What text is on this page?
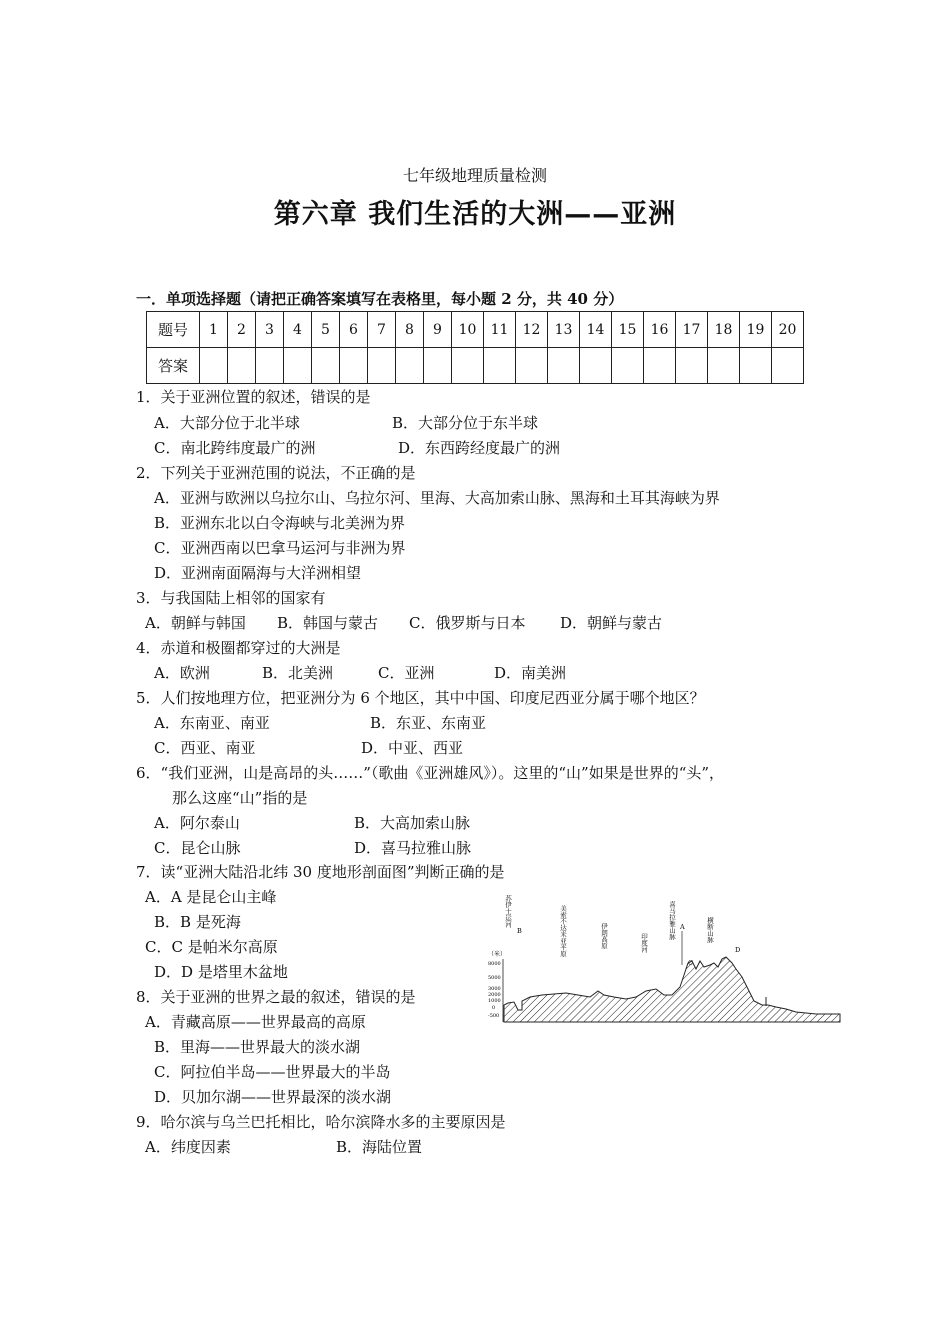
七年级地理质量检测
第六章 我们生活的大洲——亚洲
一．单项选择题（请把正确答案填写在表格里，每小题 2 分，共 40 分）
题号	1	2	3	4	5	6	7	8	9	10	11	12	13	14	15	16	17	18	19	20
答案																				
1．关于亚洲位置的叙述，错误的是
A．大部分位于北半球	B．大部分位于东半球
C．南北跨纬度最广的洲	D．东西跨经度最广的洲
2．下列关于亚洲范围的说法，不正确的是
A．亚洲与欧洲以乌拉尔山、乌拉尔河、里海、大高加索山脉、黑海和土耳其海峡为界
B．亚洲东北以白令海峡与北美洲为界
C．亚洲西南以巴拿马运河与非洲为界
D．亚洲南面隔海与大洋洲相望
3．与我国陆上相邻的国家有
A．朝鲜与韩国 B．韩国与蒙古 C．俄罗斯与日本 D．朝鲜与蒙古
4．赤道和极圈都穿过的大洲是
A．欧洲	B．北美洲	C．亚洲	D．南美洲
5．人们按地理方位，把亚洲分为 6 个地区，其中中国、印度尼西亚分属于哪个地区？
A．东南亚、南亚	B．东亚、东南亚
C．西亚、南亚	D．中亚、西亚
6．“我们亚洲，山是高昂的头……”（歌曲《亚洲雄风》）。这里的“山”如果是世界的“头”，
那么这座“山”指的是
A．阿尔泰山	B．大高加索山脉
C．昆仑山脉	D．喜马拉雅山脉
7．读“亚洲大陆沿北纬 30 度地形剖面图”判断正确的是
A．A 是昆仑山主峰
B．B 是死海
C．C 是帕米尔高原
D．D 是塔里木盆地
8．关于亚洲的世界之最的叙述，错误的是
A．青藏高原——世界最高的高原
B．里海——世界最大的淡水湖
C．阿拉伯半岛——世界最大的半岛
D．贝加尔湖——世界最深的淡水湖
9．哈尔滨与乌兰巴托相比，哈尔滨降水多的主要原因是
A．纬度因素	B．海陆位置
（米）
8000
5000
3000
2000
1000
0
-500
苏伊士运河
B	美索不达米亚平原	伊朗高原	印度河
喜马拉雅山脉 A
C
横断山脉
D
